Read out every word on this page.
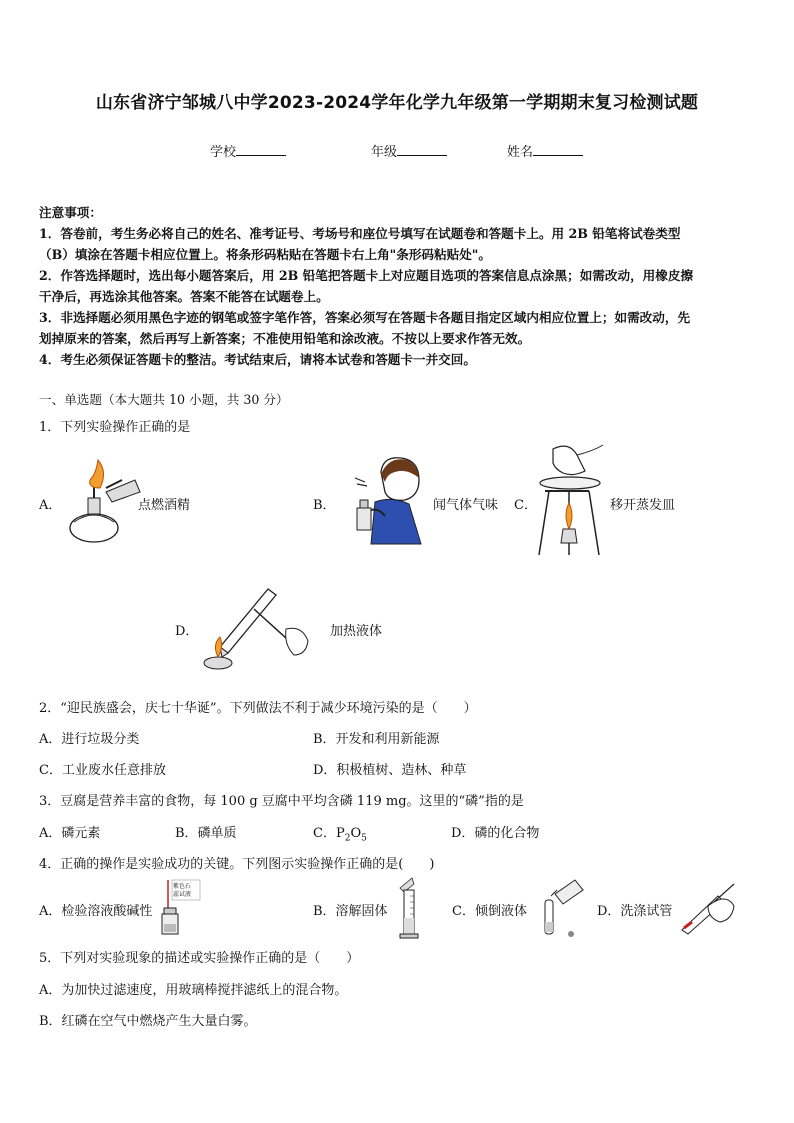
山东省济宁邹城八中学2023-2024学年化学九年级第一学期期末复习检测试题
学校	年级	姓名
注意事项：
1．答卷前，考生务必将自己的姓名、准考证号、考场号和座位号填写在试题卷和答题卡上。用 2B 铅笔将试卷类型
（B）填涂在答题卡相应位置上。将条形码粘贴在答题卡右上角"条形码粘贴处"。
2．作答选择题时，选出每小题答案后，用 2B 铅笔把答题卡上对应题目选项的答案信息点涂黑；如需改动，用橡皮擦
干净后，再选涂其他答案。答案不能答在试题卷上。
3．非选择题必须用黑色字迹的钢笔或签字笔作答，答案必须写在答题卡各题目指定区域内相应位置上；如需改动，先
划掉原来的答案，然后再写上新答案；不准使用铅笔和涂改液。不按以上要求作答无效。
4．考生必须保证答题卡的整洁。考试结束后，请将本试卷和答题卡一并交回。
一、单选题（本大题共 10 小题，共 30 分）
1．下列实验操作正确的是
A．	点燃酒精	B．	闻气体气味 C．	移开蒸发皿
D．	加热液体
2．“迎民族盛会，庆七十华诞”。下列做法不利于减少环境污染的是（　　）
A．进行垃圾分类	B．开发和利用新能源
C．工业废水任意排放	D．积极植树、造林、种草
3．豆腐是营养丰富的食物，每 100 g 豆腐中平均含磷 119 mg。这里的“磷”指的是
A．磷元素	B．磷单质	C．$P_2O_5$	D．磷的化合物
4．正确的操作是实验成功的关键。下列图示实验操作正确的是(　　)
A．检验溶液酸碱性
紫色石
蕊试液
B．溶解固体	C．倾倒液体	D．洗涤试管
5．下列对实验现象的描述或实验操作正确的是（　　）
A．为加快过滤速度，用玻璃棒搅拌滤纸上的混合物。
B．红磷在空气中燃烧产生大量白雾。
